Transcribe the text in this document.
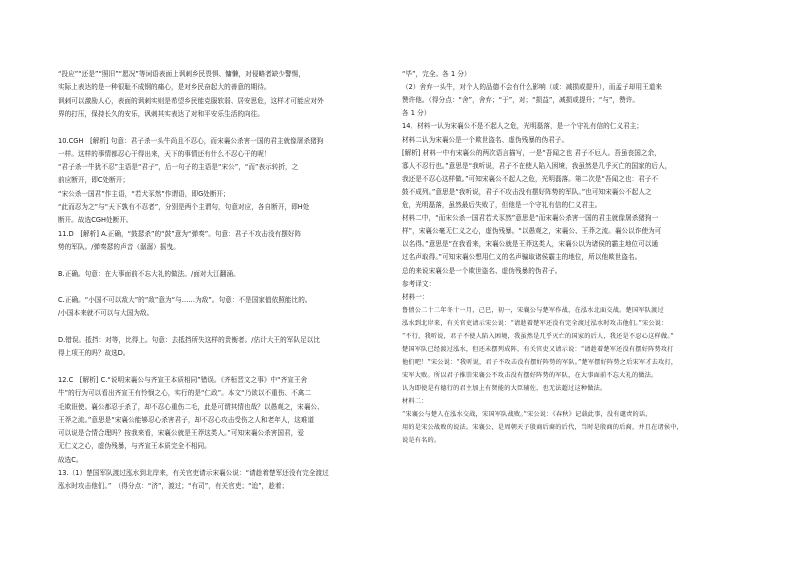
“投应”“还是”“照旧”“愿况”等词语表面上讽刺乡民畏惧、慵懒，对侵略者缺少警惕，
实际上表达的是一种很耻不成钢的痛心，是对乡民奋起大的善意的期待。
讽刺可以激励人心，表面的讽刺实则是希望乡民能克服软弱、居安思危，这样才可能应对外
界的打压，保持长久的安乐，讽刺其实表达了对和平安乐生活的向往。
10.CGH　[解析] 句意：君子杀一头牛尚且不忍心，而宋襄公杀害一国的君主就像屠杀猪狗
一样。这样的事情都忍心干得出来，天下的事情还有什么不忍心干的呢！
“君子杀一牛犹不忍”主语是“君子”，后一句子的主语是“宋公”，“而”表示转折，之
前应断开，即C处断开；
“宋公杀一国君”作主语，“若犬豕然”作谓语，即G处断开；
“此而忍为之”与“天下孰有不忍者”，分别是两个主谓句，句意对应，各自断开，即H处
断开。故选CGH处断开。
11.D　[解析] A.正确，“鼓瑟杀”的“鼓”意为“弹奏”。句意：君子不攻击没有摆好阵
势的军队。/弹奏瑟的声音（潺潺）摇曳。
B.正确。句意：在大事面前不忘大礼的做法。/面对大江翻涌。
C.正确。“小国不可以敌大”的“敌”意为“与……为敌”。句意：不是国家值依照能比的。
/小国本来就不可以与大国为敌。
D.错误。抵挡：对等，比得上。句意：去抵挡所失这样的贵衡者。/估计大王的军队足以比
得上项王的吗？故选D。
12.C　[解析] C.“说明宋襄公与齐宣王本质相同”错误。《齐桓晋文之事》中“齐宣王舍
牛”的行为可以看出齐宣王有怜悯之心，实行的是“仁政”。本文“乃欲以不重伤、不禽二
毛欺诳使。襄公都忍于杀了，却不忍心重伤二毛，此是可谓其情也哉？以愚观之，宋襄公、
王莽之流。”意思是“宋襄公能够忍心杀害君子，却不忍心攻击受伤之人和老年人，这难道
可以说是合情合理吗？按我来看，宋襄公就是王莽这类人。”可知宋襄公杀害国君，爱
无仁义之心，虚伪残暴，与齐宣王本质完全不相同。
故选C。
13.（1）楚国军队渡过泓水到北岸来，有关官吏请示宋襄公说：“请趁着楚军还没有完全渡过
泓水时攻击他们。”　（得分点：“济”，渡过；“有司”，有关官吏；“迨”，趁着；
“毕”，完全。各 1 分）
（2）舍弃一头牛，对个人的品德不会有什么影响（或：减损或提升），而孟子却用王道来
赞许他。（得分点：“舍”，舍弃；“于”，对；“损益”，减损或提升；“与”，赞许。
各 1 分）
14．材料一认为宋襄公不是不起人之危，光明磊落，是一个守礼有信的仁义君主；
材料二认为宋襄公是一个欺世盗名、虚伪残暴的伪君子。
[解析] 材料一中有宋襄公的两次语言描写，一是“吾闻之也 君子不厄人。吾虽丧国之余，
寡人不忍行也。”意思是“我听说，君子不在使人陷入困境，我虽然是几乎灭亡的国家的后人，
我还是不忍心这样做。”可知宋襄公不起人之危，光明磊落。第二次是“吾闻之也：君子不
鼓不成列。”意思是“我听说，君子不攻击没有摆好阵势的军队。”也可知宋襄公不起人之
危，光明磊落，虽然最后失败了，但他是一个守礼有信的仁义君主。
材料二中，“而宋公杀一国君若犬豕然”意思是“而宋襄公杀害一国的君主就像屠杀猪狗一
样”，宋襄公毫无仁义之心，虚伪残暴。“以愚观之，宋襄公、王莽之流。襄公以诈使为可
以名得。”意思是“在我看来，宋襄公就是王莽这类人，宋襄公以为诸侯的霸主地位可以通
过名声取得。”可知宋襄公想用仁义的名声骗取诸侯霸主的地位，所以他欺世盗名。
总的来说宋襄公是一个欺世盗名、虚伪残暴的伪君子。
参考译文：
材料一：
鲁僖公二十二年冬十一月，己巳，初一，宋襄公与楚军作战，在泓水北面交战。楚国军队渡过
泓水到北岸来，有关官吏请示宋公说：“请趁着楚军还没有完全渡过泓水时攻击他们。”宋公说：
“不行，我听说，君子不使人陷入困境，我虽然是几乎灭亡的国家的后人，我还是不忍心这样做。”
楚国军队已经渡过泓水，但还未摆列成阵，有关官吏又请示说：“请趁着楚军还没有摆好阵势攻打
他们吧！”宋公说：“我听说，君子不攻击没有摆好阵势的军队。”楚军摆好阵势之后宋军才去攻打，
宋军大败。所以君子推崇宋襄公不攻击没有摆好阵势的军队，在大事面前不忘大礼的做法。
认为即使是有德行的君主加上有贤能的大臣辅佐，也无法超过这种做法。
材料二：
“宋襄公与楚人在泓水交战，宋国军队战败。”宋公说：《春秋》记载此事，没有谴责的话，
用的是宋公战败的说法。宋襄公，是周朝天子殷商后裔的后代，当时是殷商的后裔，并且在诸侯中，
说是有名的。
